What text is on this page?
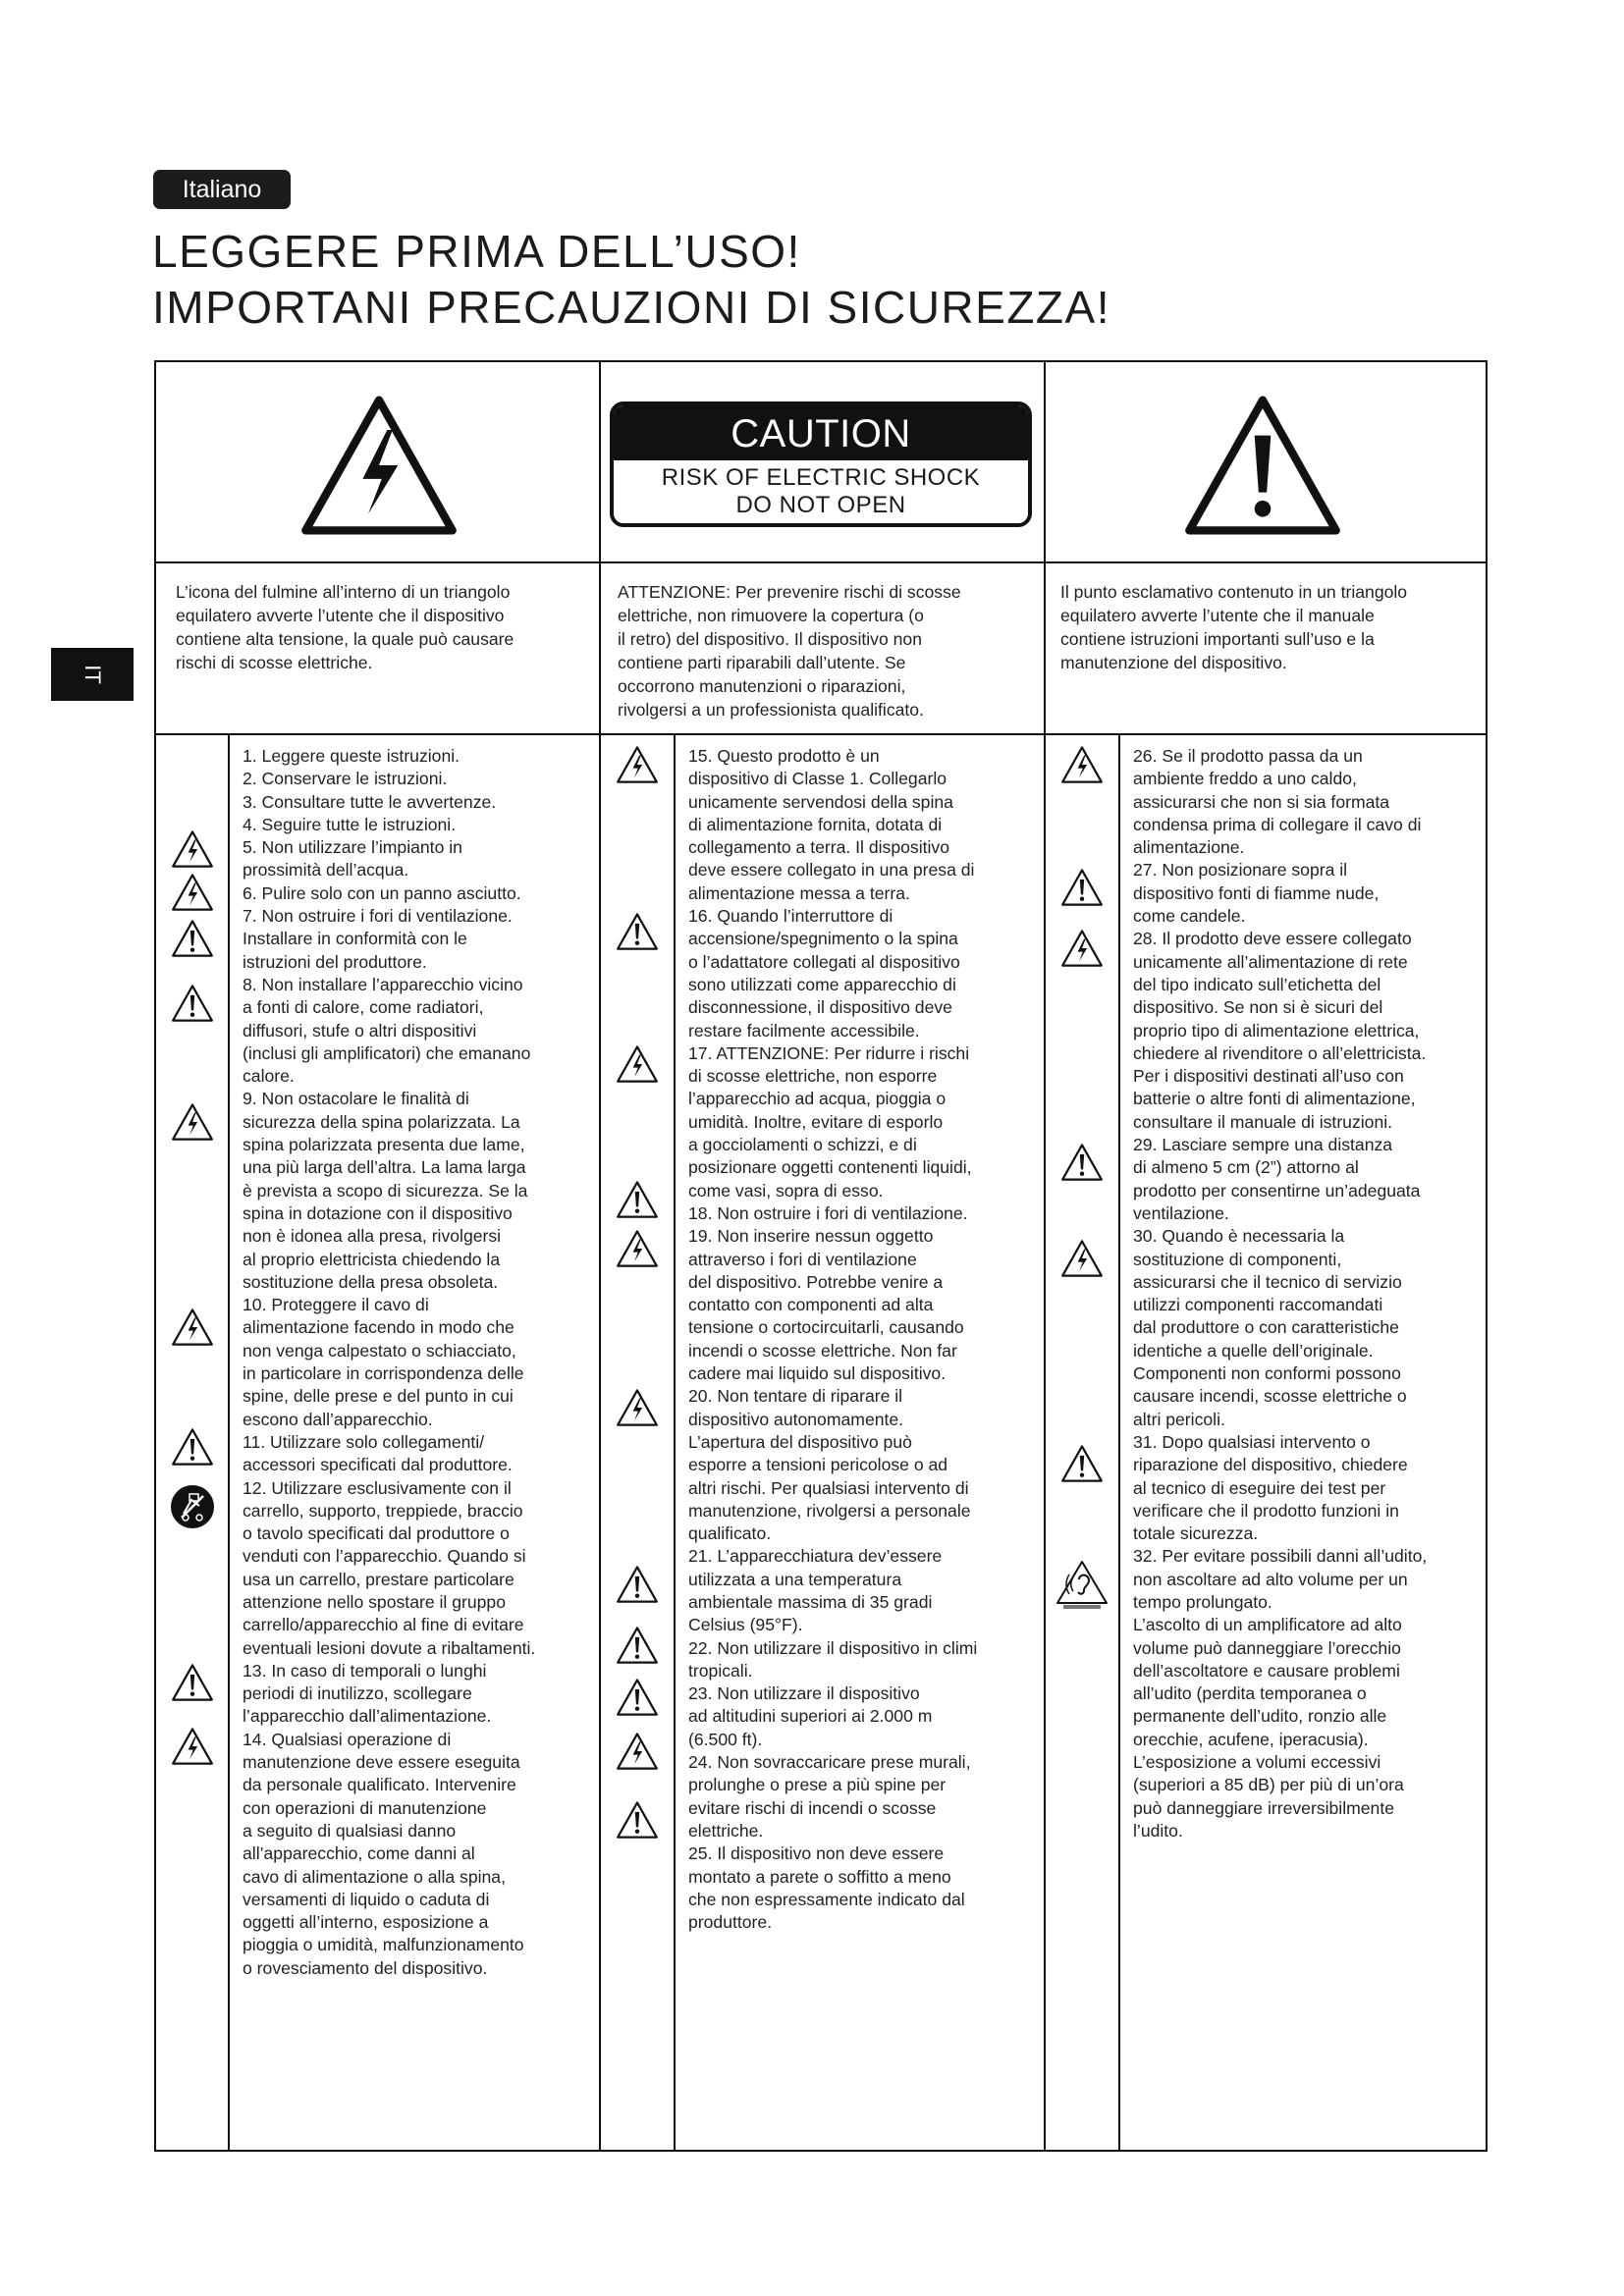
Italiano
LEGGERE PRIMA DELL’USO!
IMPORTANI PRECAUZIONI DI SICUREZZA!
IT
CAUTION
RISK OF ELECTRIC SHOCK
DO NOT OPEN
L’icona del fulmine all’interno di un triangolo
equilatero avverte l’utente che il dispositivo
contiene alta tensione, la quale può causare
rischi di scosse elettriche.
ATTENZIONE: Per prevenire rischi di scosse
elettriche, non rimuovere la copertura (o
il retro) del dispositivo. Il dispositivo non
contiene parti riparabili dall’utente. Se
occorrono manutenzioni o riparazioni,
rivolgersi a un professionista qualificato.
Il punto esclamativo contenuto in un triangolo
equilatero avverte l’utente che il manuale
contiene istruzioni importanti sull’uso e la
manutenzione del dispositivo.
1. Leggere queste istruzioni.
2. Conservare le istruzioni.
3. Consultare tutte le avvertenze.
4. Seguire tutte le istruzioni.
5. Non utilizzare l’impianto in
prossimità dell’acqua.
6. Pulire solo con un panno asciutto.
7. Non ostruire i fori di ventilazione.
Installare in conformità con le
istruzioni del produttore.
8. Non installare l’apparecchio vicino
a fonti di calore, come radiatori,
diffusori, stufe o altri dispositivi
(inclusi gli amplificatori) che emanano
calore.
9. Non ostacolare le finalità di
sicurezza della spina polarizzata. La
spina polarizzata presenta due lame,
una più larga dell’altra. La lama larga
è prevista a scopo di sicurezza. Se la
spina in dotazione con il dispositivo
non è idonea alla presa, rivolgersi
al proprio elettricista chiedendo la
sostituzione della presa obsoleta.
10. Proteggere il cavo di
alimentazione facendo in modo che
non venga calpestato o schiacciato,
in particolare in corrispondenza delle
spine, delle prese e del punto in cui
escono dall’apparecchio.
11. Utilizzare solo collegamenti/
accessori specificati dal produttore.
12. Utilizzare esclusivamente con il
carrello, supporto, treppiede, braccio
o tavolo specificati dal produttore o
venduti con l’apparecchio. Quando si
usa un carrello, prestare particolare
attenzione nello spostare il gruppo
carrello/apparecchio al fine di evitare
eventuali lesioni dovute a ribaltamenti.
13. In caso di temporali o lunghi
periodi di inutilizzo, scollegare
l’apparecchio dall’alimentazione.
14. Qualsiasi operazione di
manutenzione deve essere eseguita
da personale qualificato. Intervenire
con operazioni di manutenzione
a seguito di qualsiasi danno
all’apparecchio, come danni al
cavo di alimentazione o alla spina,
versamenti di liquido o caduta di
oggetti all’interno, esposizione a
pioggia o umidità, malfunzionamento
o rovesciamento del dispositivo.
15. Questo prodotto è un
dispositivo di Classe 1. Collegarlo
unicamente servendosi della spina
di alimentazione fornita, dotata di
collegamento a terra. Il dispositivo
deve essere collegato in una presa di
alimentazione messa a terra.
16. Quando l’interruttore di
accensione/spegnimento o la spina
o l’adattatore collegati al dispositivo
sono utilizzati come apparecchio di
disconnessione, il dispositivo deve
restare facilmente accessibile.
17. ATTENZIONE: Per ridurre i rischi
di scosse elettriche, non esporre
l’apparecchio ad acqua, pioggia o
umidità. Inoltre, evitare di esporlo
a gocciolamenti o schizzi, e di
posizionare oggetti contenenti liquidi,
come vasi, sopra di esso.
18. Non ostruire i fori di ventilazione.
19. Non inserire nessun oggetto
attraverso i fori di ventilazione
del dispositivo. Potrebbe venire a
contatto con componenti ad alta
tensione o cortocircuitarli, causando
incendi o scosse elettriche. Non far
cadere mai liquido sul dispositivo.
20. Non tentare di riparare il
dispositivo autonomamente.
L’apertura del dispositivo può
esporre a tensioni pericolose o ad
altri rischi. Per qualsiasi intervento di
manutenzione, rivolgersi a personale
qualificato.
21. L’apparecchiatura dev’essere
utilizzata a una temperatura
ambientale massima di 35 gradi
Celsius (95°F).
22. Non utilizzare il dispositivo in climi
tropicali.
23. Non utilizzare il dispositivo
ad altitudini superiori ai 2.000 m
(6.500 ft).
24. Non sovraccaricare prese murali,
prolunghe o prese a più spine per
evitare rischi di incendi o scosse
elettriche.
25. Il dispositivo non deve essere
montato a parete o soffitto a meno
che non espressamente indicato dal
produttore.
26. Se il prodotto passa da un
ambiente freddo a uno caldo,
assicurarsi che non si sia formata
condensa prima di collegare il cavo di
alimentazione.
27. Non posizionare sopra il
dispositivo fonti di fiamme nude,
come candele.
28. Il prodotto deve essere collegato
unicamente all’alimentazione di rete
del tipo indicato sull’etichetta del
dispositivo. Se non si è sicuri del
proprio tipo di alimentazione elettrica,
chiedere al rivenditore o all’elettricista.
Per i dispositivi destinati all’uso con
batterie o altre fonti di alimentazione,
consultare il manuale di istruzioni.
29. Lasciare sempre una distanza
di almeno 5 cm (2”) attorno al
prodotto per consentirne un’adeguata
ventilazione.
30. Quando è necessaria la
sostituzione di componenti,
assicurarsi che il tecnico di servizio
utilizzi componenti raccomandati
dal produttore o con caratteristiche
identiche a quelle dell’originale.
Componenti non conformi possono
causare incendi, scosse elettriche o
altri pericoli.
31. Dopo qualsiasi intervento o
riparazione del dispositivo, chiedere
al tecnico di eseguire dei test per
verificare che il prodotto funzioni in
totale sicurezza.
32. Per evitare possibili danni all’udito,
non ascoltare ad alto volume per un
tempo prolungato.
L’ascolto di un amplificatore ad alto
volume può danneggiare l’orecchio
dell’ascoltatore e causare problemi
all’udito (perdita temporanea o
permanente dell’udito, ronzio alle
orecchie, acufene, iperacusia).
L’esposizione a volumi eccessivi
(superiori a 85 dB) per più di un’ora
può danneggiare irreversibilmente
l’udito.
